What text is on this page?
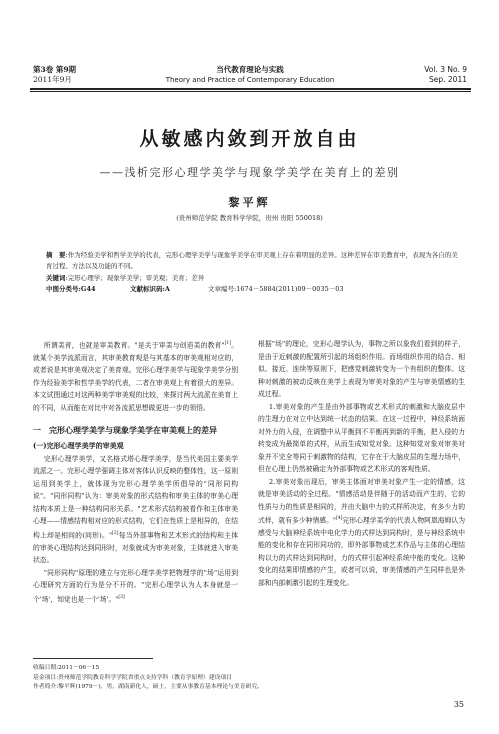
第3卷 第9期
2011年9月
当代教育理论与实践
Theory and Practice of Contemporary Education
Vol. 3 No. 9
Sep. 2011
从敏感内敛到开放自由
——浅析完形心理学美学与现象学美学在美育上的差别
黎平辉
(贵州师范学院 教育科学学院，贵州 贵阳 550018)
摘　要:作为经验美学和哲学美学的代表，完形心理学美学与现象学美学在审美观上存在着明显的差异。这种差异在审美教育中，表现为各自的美育过程、方法以及功能的不同。
关键词:完形心理学；现象学美学；审美观；美育；差异
中图分类号:G44	文献标识码:A	文章编号:1674－5884(2011)09－0035－03

所谓美育，也就是审美教育。"是关于审美与创造美的教育"[1]。就某个美学流派而言，其审美教育观是与其基本的审美观相对应的，或者说是其审美观决定了美育观。完形心理学美学与现象学美学分别作为经验美学和哲学美学的代表，二者在审美观上有着很大的差异。本文试图通过对这两种美学审美观的比较，来探讨两大流派在美育上的不同，从而能在对比中对各流派思想做更进一步的领悟。

一　完形心理学美学与现象学美学在审美观上的差异
(一)完形心理学美学的审美观

完形心理学美学，又名格式塔心理学美学，是当代美国主要美学流派之一。完形心理学强调主体对客体认识反映的整体性，这一原则运用到美学上，就体现为完形心理学美学所倡导的"同形同构说"。"同形同构"认为：审美对象的形式结构和审美主体的审美心理结构本质上是一种结构同形关系。"艺术形式结构被看作和主体审美心理——情感结构相对应的形式结构，它们在性质上是相异的，在结构上却是相同的(同形)。"[2]每当外部事物和艺术形式的结构和主体的审美心理结构达到同形时，对象就成为审美对象，主体就进入审美状态。

"同形同构"原理的建立与完形心理学美学把物理学的"场"运用到心理研究方面的行为是分不开的。"完形心理学认为人本身就是一个'场'，知觉也是一个'场'。"[3]

根据"场"的理论，完形心理学认为，事物之所以象我们看到的样子，是由于近刺激的配置所引起的场组织作用。而场组织作用的结合、相似、接近、连续等原则下，把感觉刺激转变为一个有组织的整体。这种对刺激的被动反映在美学上表现为审美对象的产生与审美情感的生成过程。

1.审美对象的产生是由外部事物或艺术形式的刺激和大脑皮层中的生理力在对立中达到统一状态的结果。在这一过程中，神经系统面对外力的入侵，在调整中从平衡到不平衡再到新的平衡，把入侵的力转变成为最简单的式样，从而生成知觉对象。这种知觉对象对审美对象并不完全等同于刺激物的结构，它存在于大脑皮层的生理力场中，但在心理上仍然被确定为外部事物或艺术形式的客观性质。

2.审美对象出现后，审美主体面对审美对象产生一定的情感，这就是审美活动的全过程。"情感活动是伴随于的活动而产生的，它的性质与力的性质是相同的，并由大脑中力的式样所决定，有多少力的式样，就有多少种情感。"[4]完形心理学美学的代表人物阿恩海姆认为感受与大脑神经系统中电化学力的式样达到同构时，是与神经系统中能的变化和存在同形同功的，即外部事物或艺术作品与主体的心理结构以力的式样达到同构时，力的式样引起神经系统中能的变化。这种变化的结果即情感的产生，或者可以说，审美情感的产生同样也是外部和内部刺激引起的生理变化。

收稿日期:2011－06－15
基金项目:贵州师范学院教育科学学院省重点支持学科（教育学原理）建设项目
作者简介:黎平辉(1979－)，男，湖南新化人，硕士，主要从事教育基本理论与美育研究。
35
